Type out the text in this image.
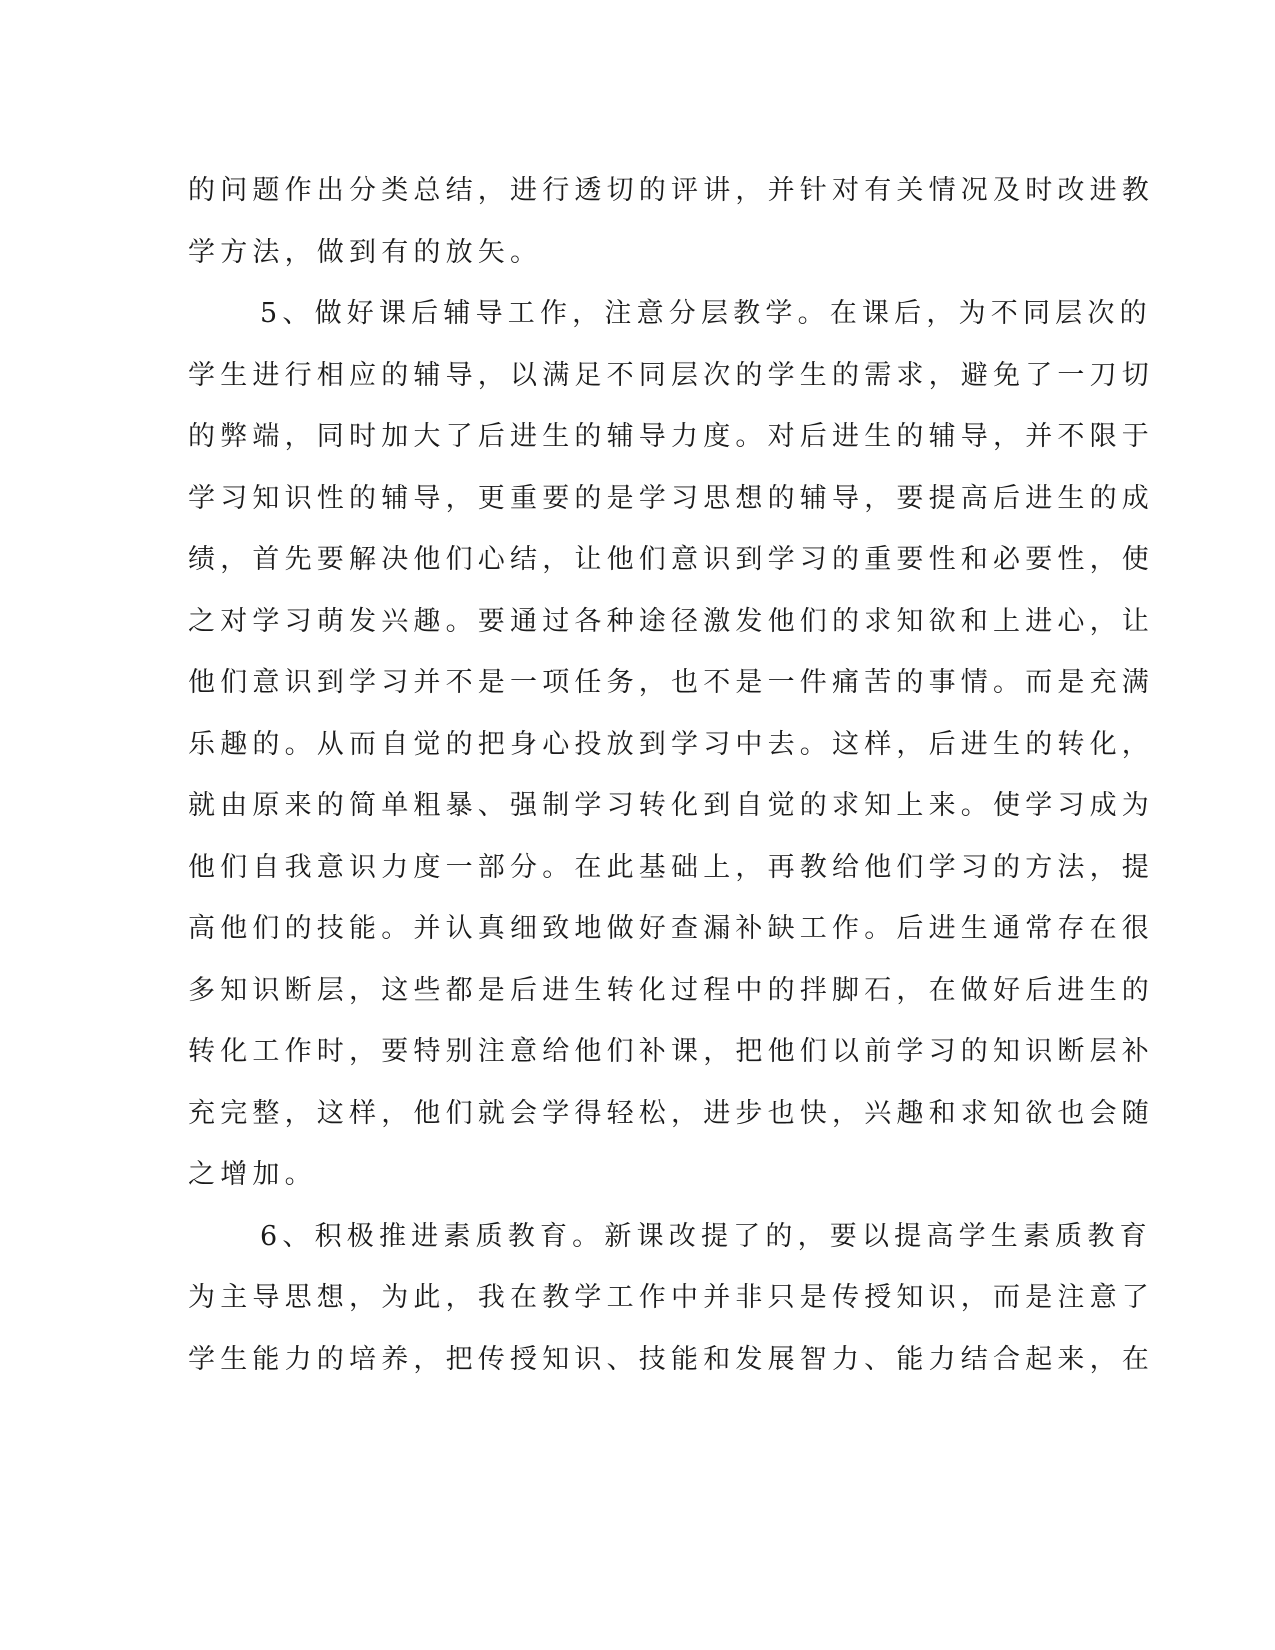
的问题作出分类总结，进行透切的评讲，并针对有关情况及时改进教
学方法，做到有的放矢。
5、做好课后辅导工作，注意分层教学。在课后，为不同层次的
学生进行相应的辅导，以满足不同层次的学生的需求，避免了一刀切
的弊端，同时加大了后进生的辅导力度。对后进生的辅导，并不限于
学习知识性的辅导，更重要的是学习思想的辅导，要提高后进生的成
绩，首先要解决他们心结，让他们意识到学习的重要性和必要性，使
之对学习萌发兴趣。要通过各种途径激发他们的求知欲和上进心，让
他们意识到学习并不是一项任务，也不是一件痛苦的事情。而是充满
乐趣的。从而自觉的把身心投放到学习中去。这样，后进生的转化，
就由原来的简单粗暴、强制学习转化到自觉的求知上来。使学习成为
他们自我意识力度一部分。在此基础上，再教给他们学习的方法，提
高他们的技能。并认真细致地做好查漏补缺工作。后进生通常存在很
多知识断层，这些都是后进生转化过程中的拌脚石，在做好后进生的
转化工作时，要特别注意给他们补课，把他们以前学习的知识断层补
充完整，这样，他们就会学得轻松，进步也快，兴趣和求知欲也会随
之增加。
6、积极推进素质教育。新课改提了的，要以提高学生素质教育
为主导思想，为此，我在教学工作中并非只是传授知识，而是注意了
学生能力的培养，把传授知识、技能和发展智力、能力结合起来，在
